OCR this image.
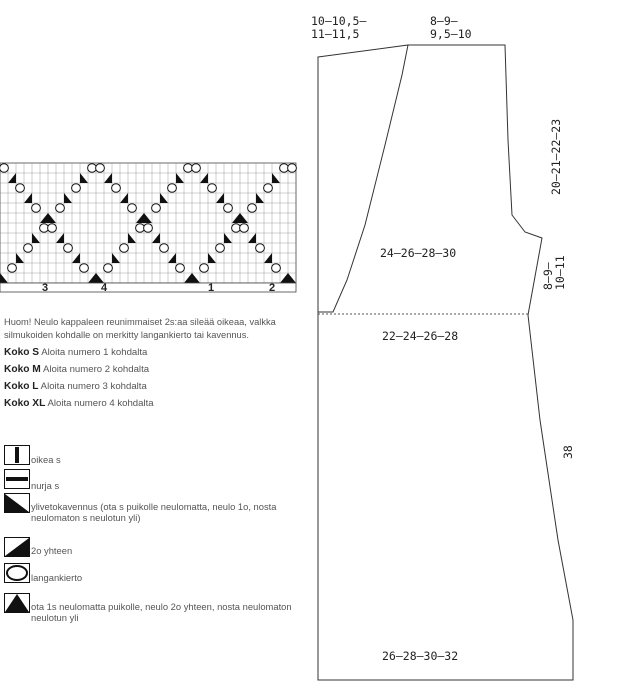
3	4	1	2
10–10,5–
11–11,5
8–9–
9,5–10
20–21–22–23
24–26–28–30
8–9–
10–11
22–24–26–28
38
26–28–30–32
Huom! Neulo kappaleen reunimmaiset 2s:aa sileää oikeaa, valkka silmukoiden kohdalle on merkitty langankierto tai kavennus.
Koko S Aloita numero 1 kohdalta
Koko M Aloita numero 2 kohdalta
Koko L Aloita numero 3 kohdalta
Koko XL Aloita numero 4 kohdalta
oikea s
nurja s
ylivetokavennus (ota s puikolle neulomatta, neulo 1o, nosta neulomaton s neulotun yli)
2o yhteen
langankierto
ota 1s neulomatta puikolle, neulo 2o yhteen, nosta neulomaton neulotun yli
